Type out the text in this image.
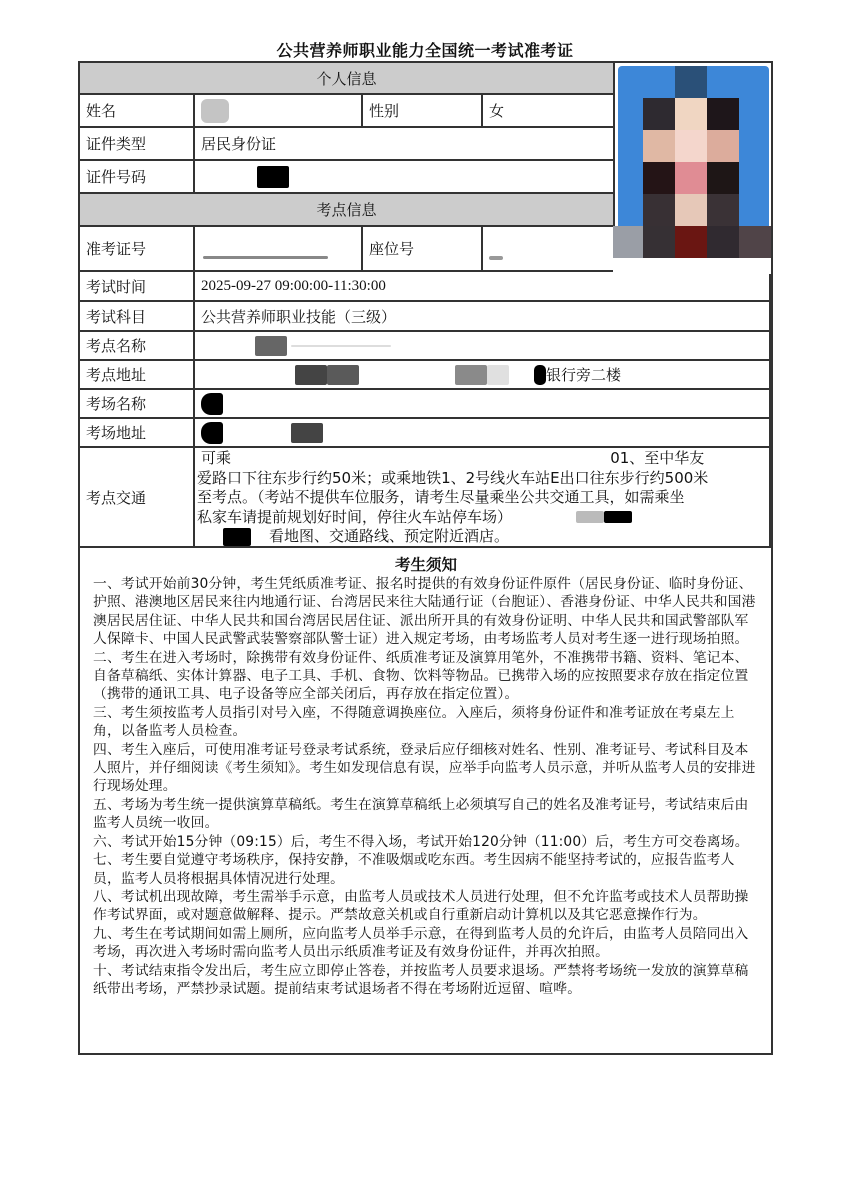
公共营养师职业能力全国统一考试准考证
个人信息
姓名	性别	女
证件类型	居民身份证
证件号码
考点信息
准考证号	座位号
考试时间	2025-09-27 09:00:00-11:30:00
考试科目	公共营养师职业技能（三级）
考点名称
考点地址	银行旁二楼
考场名称
考场地址
考点交通
可乘	01、至中华友
爱路口下往东步行约50米；或乘地铁1、2号线火车站E出口往东步行约500米
至考点。（考站不提供车位服务，请考生尽量乘坐公共交通工具，如需乘坐
私家车请提前规划好时间，停往火车站停车场）
看地图、交通路线、预定附近酒店。
考生须知

一、考试开始前30分钟，考生凭纸质准考证、报名时提供的有效身份证件原件（居民身份证、临时身份证、护照、港澳地区居民来往内地通行证、台湾居民来往大陆通行证（台胞证）、香港身份证、中华人民共和国港澳居民居住证、中华人民共和国台湾居民居住证、派出所开具的有效身份证明、中华人民共和国武警部队军人保障卡、中国人民武警武装警察部队警士证）进入规定考场，由考场监考人员对考生逐一进行现场拍照。

二、考生在进入考场时，除携带有效身份证件、纸质准考证及演算用笔外，不准携带书籍、资料、笔记本、自备草稿纸、实体计算器、电子工具、手机、食物、饮料等物品。已携带入场的应按照要求存放在指定位置（携带的通讯工具、电子设备等应全部关闭后，再存放在指定位置）。

三、考生须按监考人员指引对号入座，不得随意调换座位。入座后，须将身份证件和准考证放在考桌左上角，以备监考人员检查。

四、考生入座后，可使用准考证号登录考试系统，登录后应仔细核对姓名、性别、准考证号、考试科目及本人照片，并仔细阅读《考生须知》。考生如发现信息有误，应举手向监考人员示意，并听从监考人员的安排进行现场处理。

五、考场为考生统一提供演算草稿纸。考生在演算草稿纸上必须填写自己的姓名及准考证号，考试结束后由监考人员统一收回。

六、考试开始15分钟（09:15）后，考生不得入场，考试开始120分钟（11:00）后，考生方可交卷离场。

七、考生要自觉遵守考场秩序，保持安静，不准吸烟或吃东西。考生因病不能坚持考试的，应报告监考人员，监考人员将根据具体情况进行处理。

八、考试机出现故障，考生需举手示意，由监考人员或技术人员进行处理，但不允许监考或技术人员帮助操作考试界面，或对题意做解释、提示。严禁故意关机或自行重新启动计算机以及其它恶意操作行为。

九、考生在考试期间如需上厕所，应向监考人员举手示意，在得到监考人员的允许后，由监考人员陪同出入考场，再次进入考场时需向监考人员出示纸质准考证及有效身份证件，并再次拍照。

十、考试结束指令发出后，考生应立即停止答卷，并按监考人员要求退场。严禁将考场统一发放的演算草稿纸带出考场，严禁抄录试题。提前结束考试退场者不得在考场附近逗留、喧哗。
